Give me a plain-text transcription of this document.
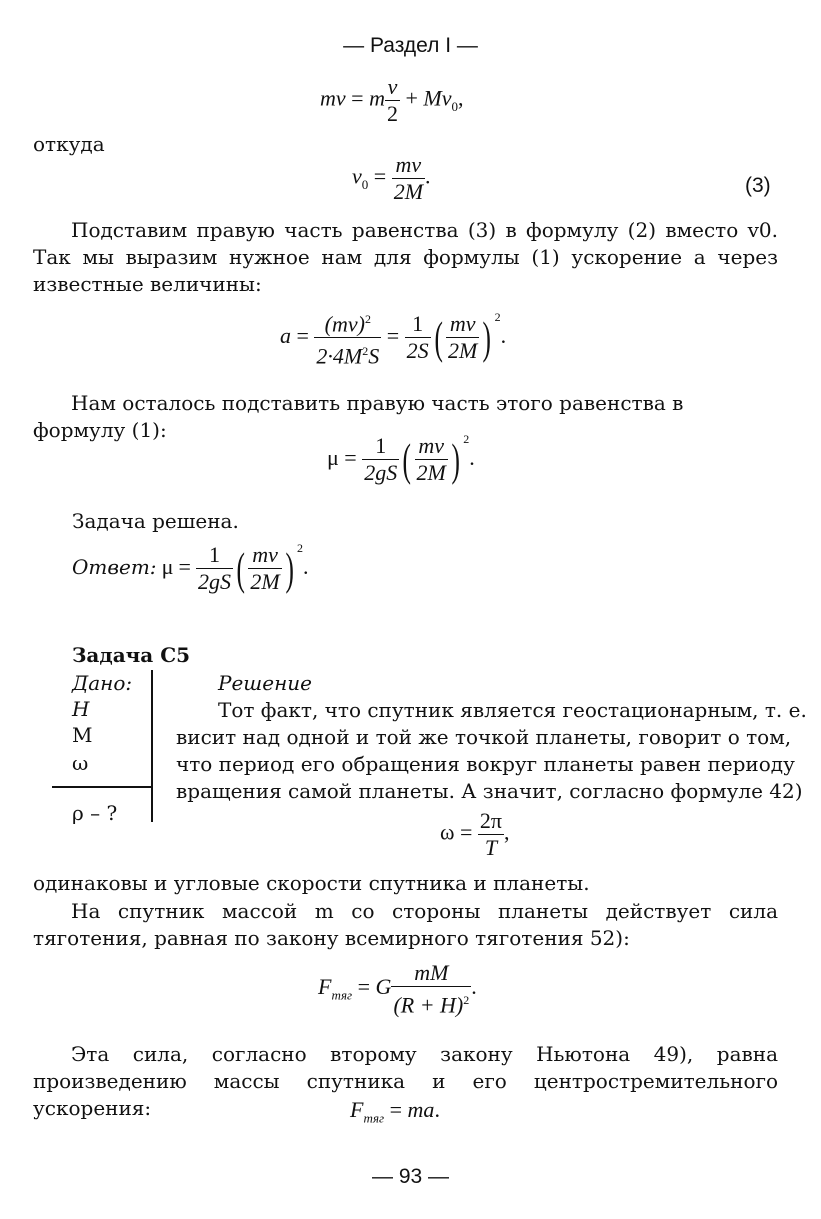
— Раздел I —
mv = m $\frac{v}{2} + Mv_0$,
откуда
$v_0 = \frac{mv}{2M}$ .	(3)
Подставим правую часть равенства (3) в формулу (2) вместо v0. Так мы выразим нужное нам для формулы (1) ускорение a через известные величины:
$a = \frac{(mv)^2}{2\cdot 4M^2S} = \frac{1}{2S}$ ( $\frac{mv}{2M}$ ) $^2$.
Нам осталось подставить правую часть этого равенства в формулу (1):
$\mu = \frac{1}{2gS}$ ( $\frac{mv}{2M}$ ) $^2$.
Задача решена.
Ответ: $\mu = \frac{1}{2gS}$ ( $\frac{mv}{2M}$ ) $^2$.
Задача С5
Дано:
H
M
ω
ρ – ?
Решение
Тот факт, что спутник является геостационарным, т. е.
висит над одной и той же точкой планеты, говорит о том,
что период его обращения вокруг планеты равен периоду
вращения самой планеты. А значит, согласно формуле 42)
$\omega = \frac{2\pi}{T}$ ,
одинаковы и угловые скорости спутника и планеты.
На спутник массой m со стороны планеты действует сила тяготения, равная по закону всемирного тяготения 52):
$F_{тяг} = G \frac{mM}{(R + H)^2}$ .
Эта сила, согласно второму закону Ньютона 49), равна произведению массы спутника и его центростремительного ускорения:	$F_{тяг}$ = ma.
— 93 —
